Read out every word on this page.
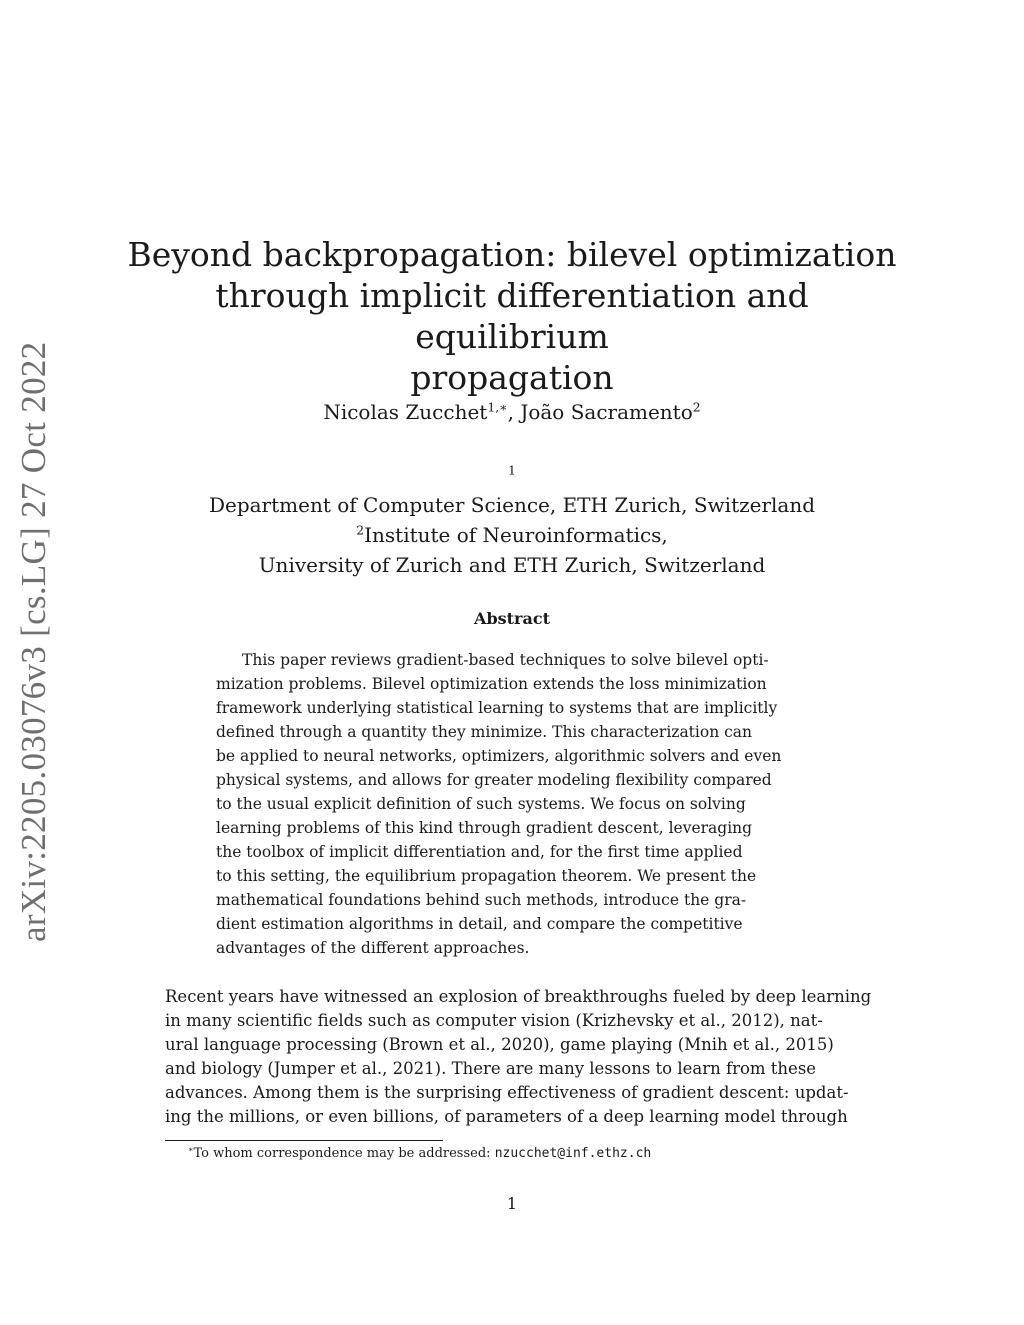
arXiv:2205.03076v3 [cs.LG] 27 Oct 2022
Beyond backpropagation: bilevel optimization
through implicit differentiation and equilibrium
propagation
Nicolas Zucchet$^{1,∗}$, João Sacramento$^2$
$^1$
Department of Computer Science, ETH Zurich, Switzerland
$^2$Institute of Neuroinformatics,
University of Zurich and ETH Zurich, Switzerland
Abstract
This paper reviews gradient-based techniques to solve bilevel opti-
mization problems. Bilevel optimization extends the loss minimization
framework underlying statistical learning to systems that are implicitly
defined through a quantity they minimize. This characterization can
be applied to neural networks, optimizers, algorithmic solvers and even
physical systems, and allows for greater modeling flexibility compared
to the usual explicit definition of such systems. We focus on solving
learning problems of this kind through gradient descent, leveraging
the toolbox of implicit differentiation and, for the first time applied
to this setting, the equilibrium propagation theorem. We present the
mathematical foundations behind such methods, introduce the gra-
dient estimation algorithms in detail, and compare the competitive
advantages of the different approaches.
Recent years have witnessed an explosion of breakthroughs fueled by deep learning
in many scientific fields such as computer vision (Krizhevsky et al., 2012), nat-
ural language processing (Brown et al., 2020), game playing (Mnih et al., 2015)
and biology (Jumper et al., 2021). There are many lessons to learn from these
advances. Among them is the surprising effectiveness of gradient descent: updat-
ing the millions, or even billions, of parameters of a deep learning model through
∗To whom correspondence may be addressed: nzucchet@inf.ethz.ch
1
